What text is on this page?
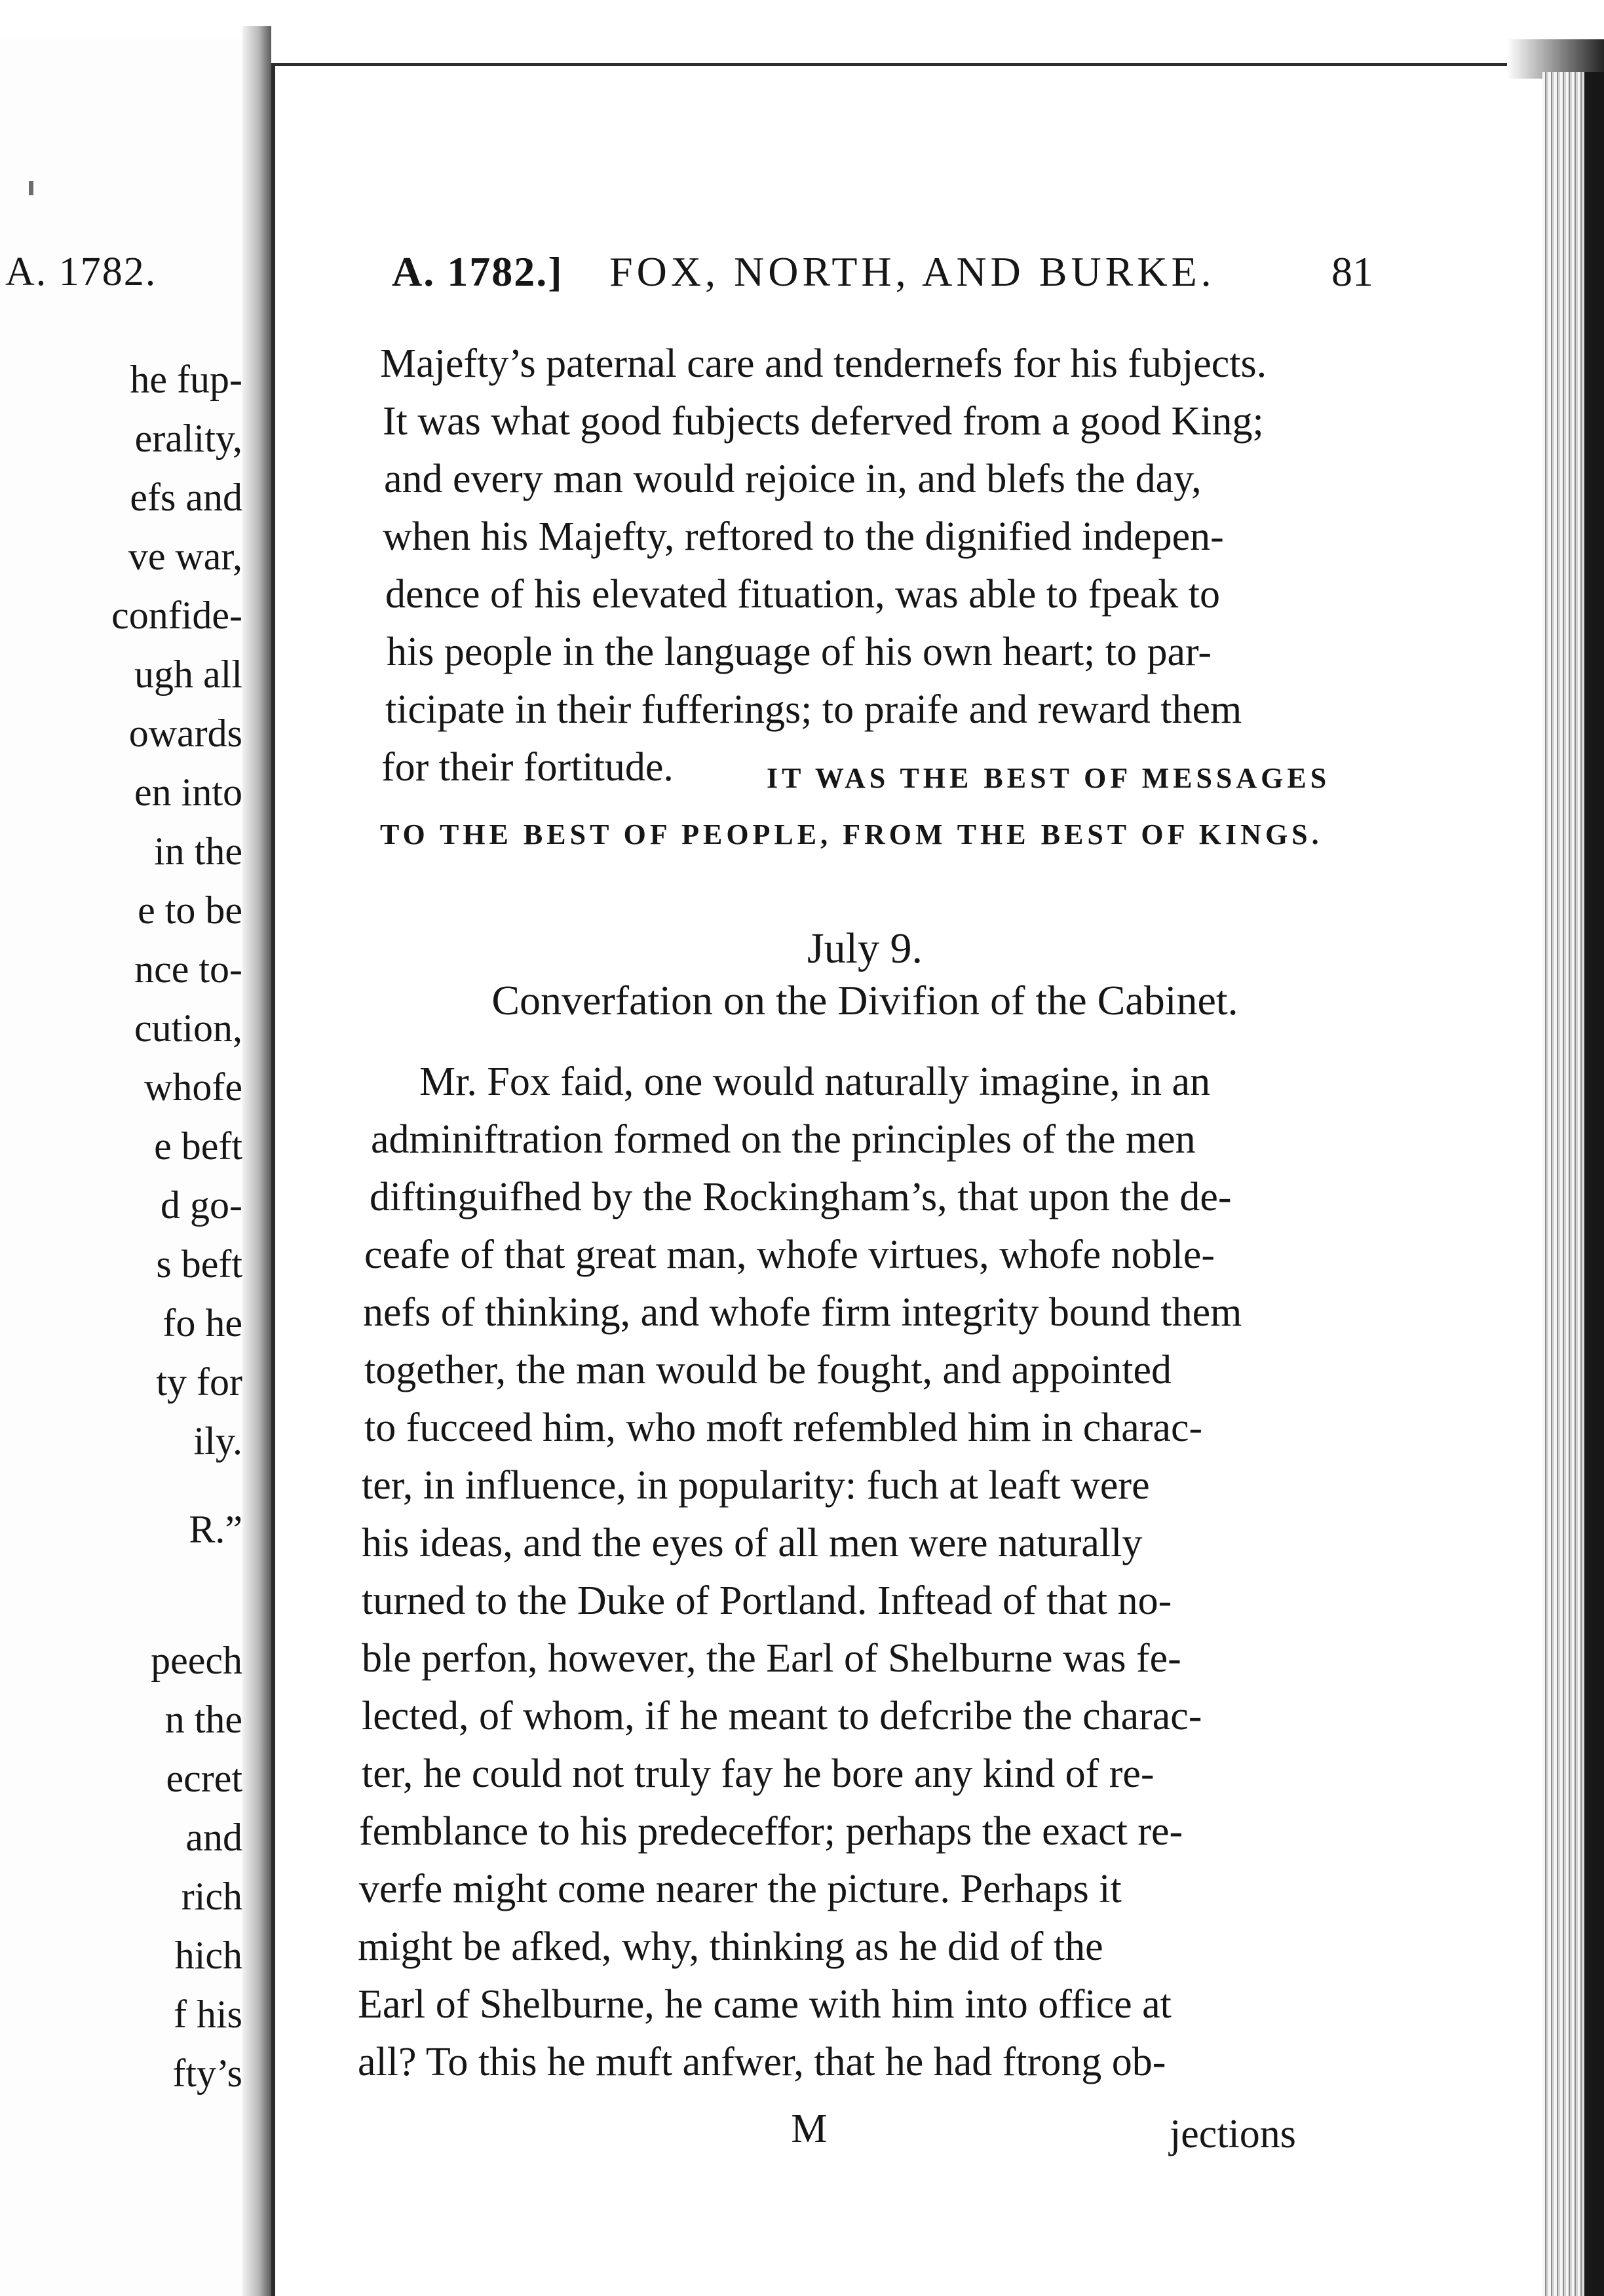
A. 1782.
he fup-
erality,
efs and
ve war,
confide-
ugh all
owards
en into
in the
e to be
nce to-
cution,
whofe
e beft
d go-
s beft
fo he
ty for
ily.
R.”
peech
n the
ecret
and
rich
hich
f his
fty’s
A. 1782.] FOX, NORTH, AND BURKE.	81
Majefty’s paternal care and tendernefs for his fubjects.
It was what good fubjects deferved from a good King;
and every man would rejoice in, and blefs the day,
when his Majefty, reftored to the dignified indepen-
dence of his elevated fituation, was able to fpeak to
his people in the language of his own heart; to par-
ticipate in their fufferings; to praife and reward them
for their fortitude.	IT WAS THE BEST OF MESSAGES
TO THE BEST OF PEOPLE, FROM THE BEST OF KINGS.
July 9.
Converfation on the Divifion of the Cabinet.
Mr. Fox faid, one would naturally imagine, in an
adminiftration formed on the principles of the men
diftinguifhed by the Rockingham’s, that upon the de-
ceafe of that great man, whofe virtues, whofe noble-
nefs of thinking, and whofe firm integrity bound them
together, the man would be fought, and appointed
to fucceed him, who moft refembled him in charac-
ter, in influence, in popularity: fuch at leaft were
his ideas, and the eyes of all men were naturally
turned to the Duke of Portland. Inftead of that no-
ble perfon, however, the Earl of Shelburne was fe-
lected, of whom, if he meant to defcribe the charac-
ter, he could not truly fay he bore any kind of re-
femblance to his predeceffor; perhaps the exact re-
verfe might come nearer the picture. Perhaps it
might be afked, why, thinking as he did of the
Earl of Shelburne, he came with him into office at
all? To this he muft anfwer, that he had ftrong ob-
M	jections
